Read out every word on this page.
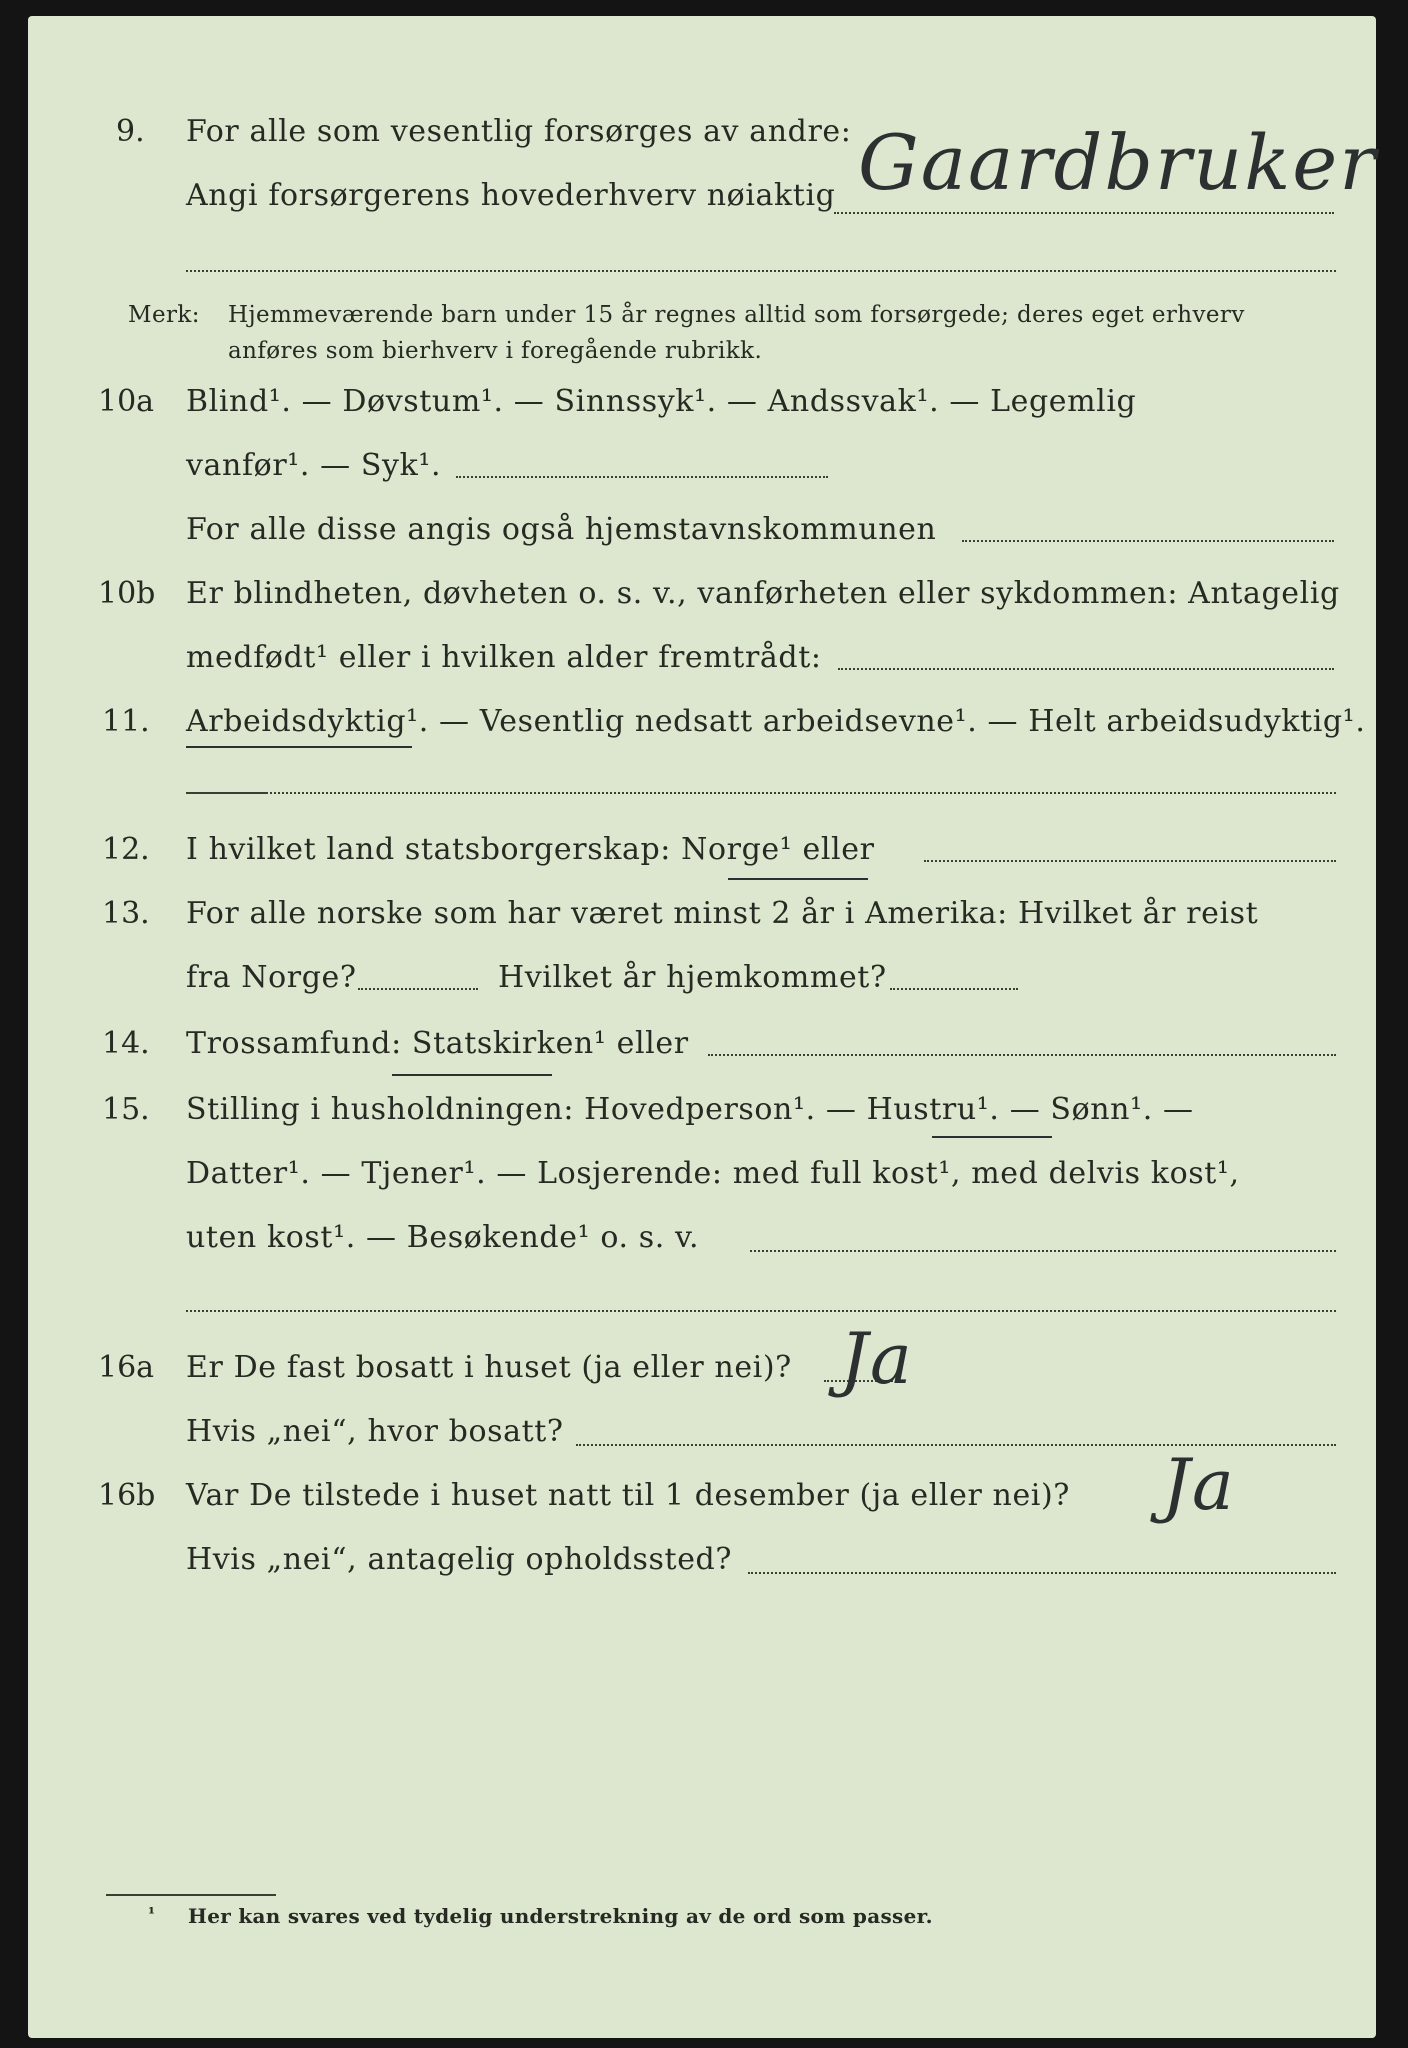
9. For alle som vesentlig forsørges av andre:
Angi forsørgerens hovederhverv nøiaktig Gaardbruker
Merk: Hjemmeværende barn under 15 år regnes alltid som forsørgede; deres eget erhverv
anføres som bierhverv i foregående rubrikk.
10a Blind¹. — Døvstum¹. — Sinnssyk¹. — Andssvak¹. — Legemlig
vanfør¹. — Syk¹.
For alle disse angis også hjemstavnskommunen
10b Er blindheten, døvheten o. s. v., vanførheten eller sykdommen: Antagelig
medfødt¹ eller i hvilken alder fremtrådt:
11. Arbeidsdyktig¹. — Vesentlig nedsatt arbeidsevne¹. — Helt arbeidsudyktig¹.
12. I hvilket land statsborgerskap: Norge¹ eller
13. For alle norske som har været minst 2 år i Amerika: Hvilket år reist
fra Norge?	Hvilket år hjemkommet?
14. Trossamfund: Statskirken¹ eller
15. Stilling i husholdningen: Hovedperson¹. — Hustru¹. — Sønn¹. —
Datter¹. — Tjener¹. — Losjerende: med full kost¹, med delvis kost¹,
uten kost¹. — Besøkende¹ o. s. v.
16a Er De fast bosatt i huset (ja eller nei)? Ja
Hvis „nei“, hvor bosatt?
16b Var De tilstede i huset natt til 1 desember (ja eller nei)? Ja
Hvis „nei“, antagelig opholdssted?
¹ Her kan svares ved tydelig understrekning av de ord som passer.
